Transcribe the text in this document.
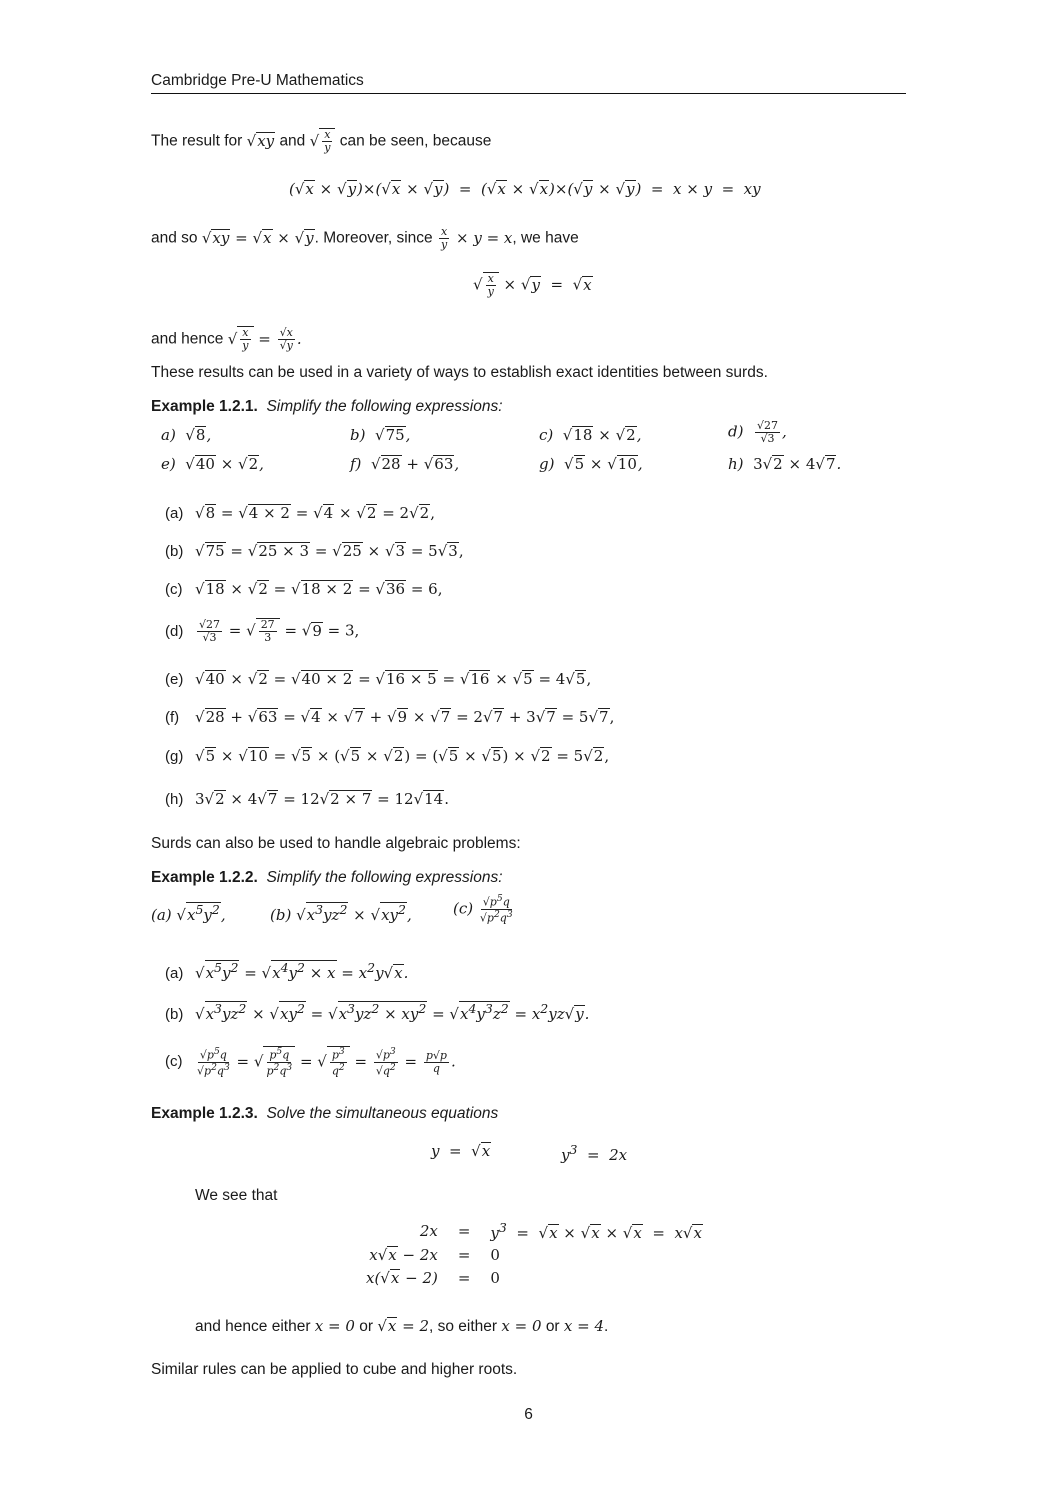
Cambridge Pre-U Mathematics
The result for √xy and √ $\frac{x}{y}$ can be seen, because
(√x × √y)×(√x × √y)  =  (√x × √x)×(√y × √y)  =  x × y  =  xy
and so √xy = √x × √y. Moreover, since $\frac{x}{y} \times y = x$, we have
√ $\frac{x}{y} \times √y = √x$
and hence √ $\frac{x}{y} = \frac{√x}{√y}$ .
These results can be used in a variety of ways to establish exact identities between surds.
Example 1.2.1. Simplify the following expressions:
a)  √8,	b)  √75,	c)  √18 × √2,	$d) \frac{√27}{√3}$ ,
e)  √40 × √2,	f)  √28 + √63,	g)  √5 × √10,	h) 3√2 × 4√7.
(a) √8 = √4 × 2 = √4 × √2 = 2√2,
(b) √75 = √25 × 3 = √25 × √3 = 5√3,
(c) √18 × √2 = √18 × 2 = √36 = 6,
$(d) \frac{√27}{√3}$ = √ $\frac{27}{3} = √9 = 3$,
(e) √40 × √2 = √40 × 2 = √16 × 5 = √16 × √5 = 4√5,
(f) √28 + √63 = √4 × √7 + √9 × √7 = 2√7 + 3√7 = 5√7,
(g) √5 × √10 = √5 × (√5 × √2) = (√5 × √5) × √2 = 5√2,
(h) 3√2 × 4√7 = 12√2 × 7 = 12√14.
Surds can also be used to handle algebraic problems:
Example 1.2.2. Simplify the following expressions:
(a) $√x^5y^2$,	(b) $√x^3yz^2 \times √xy^2$,	$(c) \frac{√p^5q}{√p^2q^3}$
(a) $√x^5y^2 = √x^4y^2 \times x = x^2y√x$.
(b) $√x^3yz^2 \times √xy^2 = √x^3yz^2 \times xy^2 = √x^4y^3z^2 = x^2yz√y$.
$(c) \frac{√p^5q}{√p^2q^3}$ = √ $\frac{p^5q}{p^2q^3}$ = √ $\frac{p^3}{q^2} = \frac{√p^3}{√q^2} = \frac{p√p}{q}$ .
Example 1.2.3. Solve the simultaneous equations
y  =  √x	$y^3 = 2x$
We see that
2x	=	$y^3 = √x \times √x \times √x = x√x$
x√x − 2x	=	0
x(√x − 2)	=	0
and hence either x = 0 or √x = 2, so either x = 0 or x = 4.
Similar rules can be applied to cube and higher roots.
6
